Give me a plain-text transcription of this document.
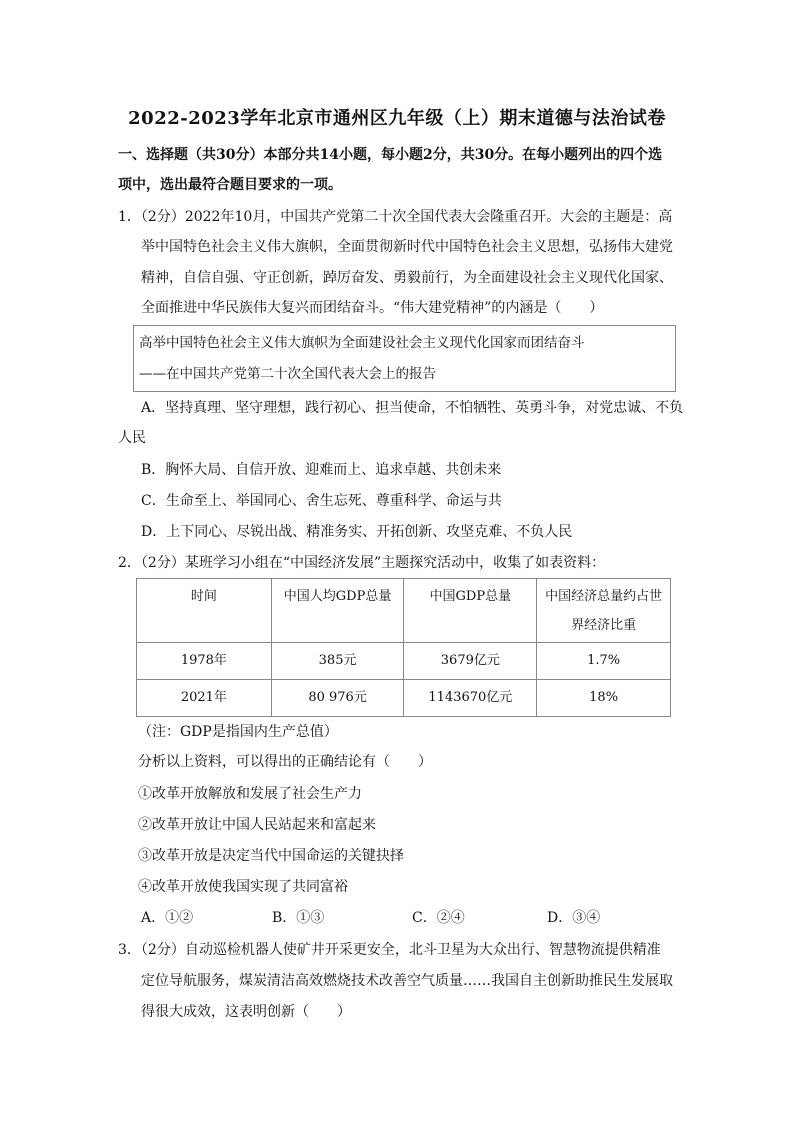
2022-2023学年北京市通州区九年级（上）期末道德与法治试卷
一、选择题（共30分）本部分共14小题，每小题2分，共30分。在每小题列出的四个选
项中，选出最符合题目要求的一项。
1．（2分）2022年10月，中国共产党第二十次全国代表大会隆重召开。大会的主题是：高
举中国特色社会主义伟大旗帜，全面贯彻新时代中国特色社会主义思想，弘扬伟大建党
精神，自信自强、守正创新，踔厉奋发、勇毅前行，为全面建设社会主义现代化国家、
全面推进中华民族伟大复兴而团结奋斗。“伟大建党精神”的内涵是（　　）
高举中国特色社会主义伟大旗帜为全面建设社会主义现代化国家而团结奋斗
——在中国共产党第二十次全国代表大会上的报告
A．坚持真理、坚守理想，践行初心、担当使命，不怕牺牲、英勇斗争，对党忠诚、不负
人民
B．胸怀大局、自信开放、迎难而上、追求卓越、共创未来
C．生命至上、举国同心、舍生忘死、尊重科学、命运与共
D．上下同心、尽锐出战、精准务实、开拓创新、攻坚克难、不负人民
2．（2分）某班学习小组在“中国经济发展”主题探究活动中，收集了如表资料：
时间	中国人均GDP总量	中国GDP总量	中国经济总量约占世
界经济比重

1978年	385元	3679亿元	1.7%
2021年	80 976元	1143670亿元	18%
（注：GDP是指国内生产总值）
分析以上资料，可以得出的正确结论有（　　）
①改革开放解放和发展了社会生产力
②改革开放让中国人民站起来和富起来
③改革开放是决定当代中国命运的关键抉择
④改革开放使我国实现了共同富裕
A．①②	B．①③	C．②④	D．③④
3．（2分）自动巡检机器人使矿井开采更安全，北斗卫星为大众出行、智慧物流提供精准
定位导航服务，煤炭清洁高效燃烧技术改善空气质量……我国自主创新助推民生发展取
得很大成效，这表明创新（　　）
